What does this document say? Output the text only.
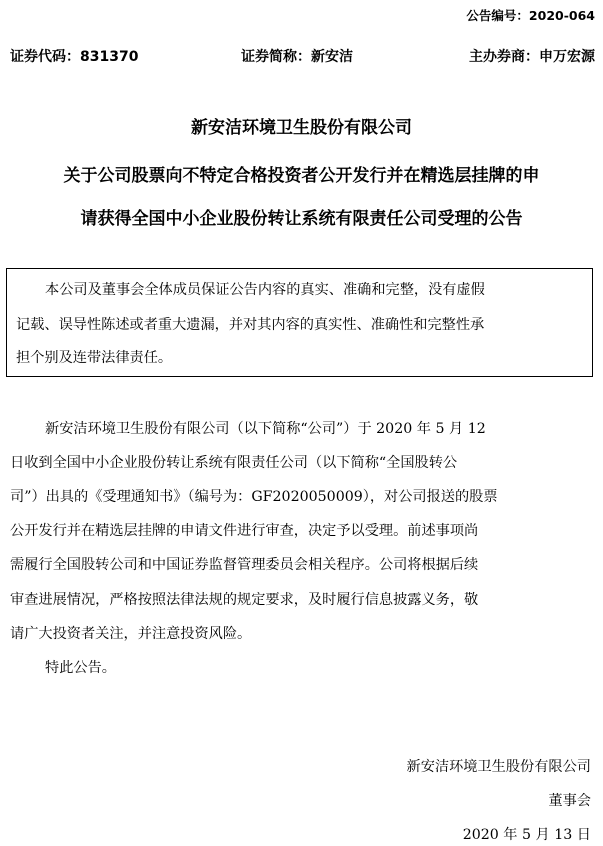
公告编号：2020-064
证券代码：831370	证券简称：新安洁	主办券商：申万宏源
新安洁环境卫生股份有限公司
关于公司股票向不特定合格投资者公开发行并在精选层挂牌的申
请获得全国中小企业股份转让系统有限责任公司受理的公告
本公司及董事会全体成员保证公告内容的真实、准确和完整，没有虚假
记载、误导性陈述或者重大遗漏，并对其内容的真实性、准确性和完整性承
担个别及连带法律责任。
新安洁环境卫生股份有限公司（以下简称“公司”）于 2020 年 5 月 12
日收到全国中小企业股份转让系统有限责任公司（以下简称“全国股转公
司”）出具的《受理通知书》（编号为：GF2020050009），对公司报送的股票
公开发行并在精选层挂牌的申请文件进行审查，决定予以受理。前述事项尚
需履行全国股转公司和中国证券监督管理委员会相关程序。公司将根据后续
审查进展情况，严格按照法律法规的规定要求，及时履行信息披露义务，敬
请广大投资者关注，并注意投资风险。
特此公告。
新安洁环境卫生股份有限公司
董事会
2020 年 5 月 13 日
